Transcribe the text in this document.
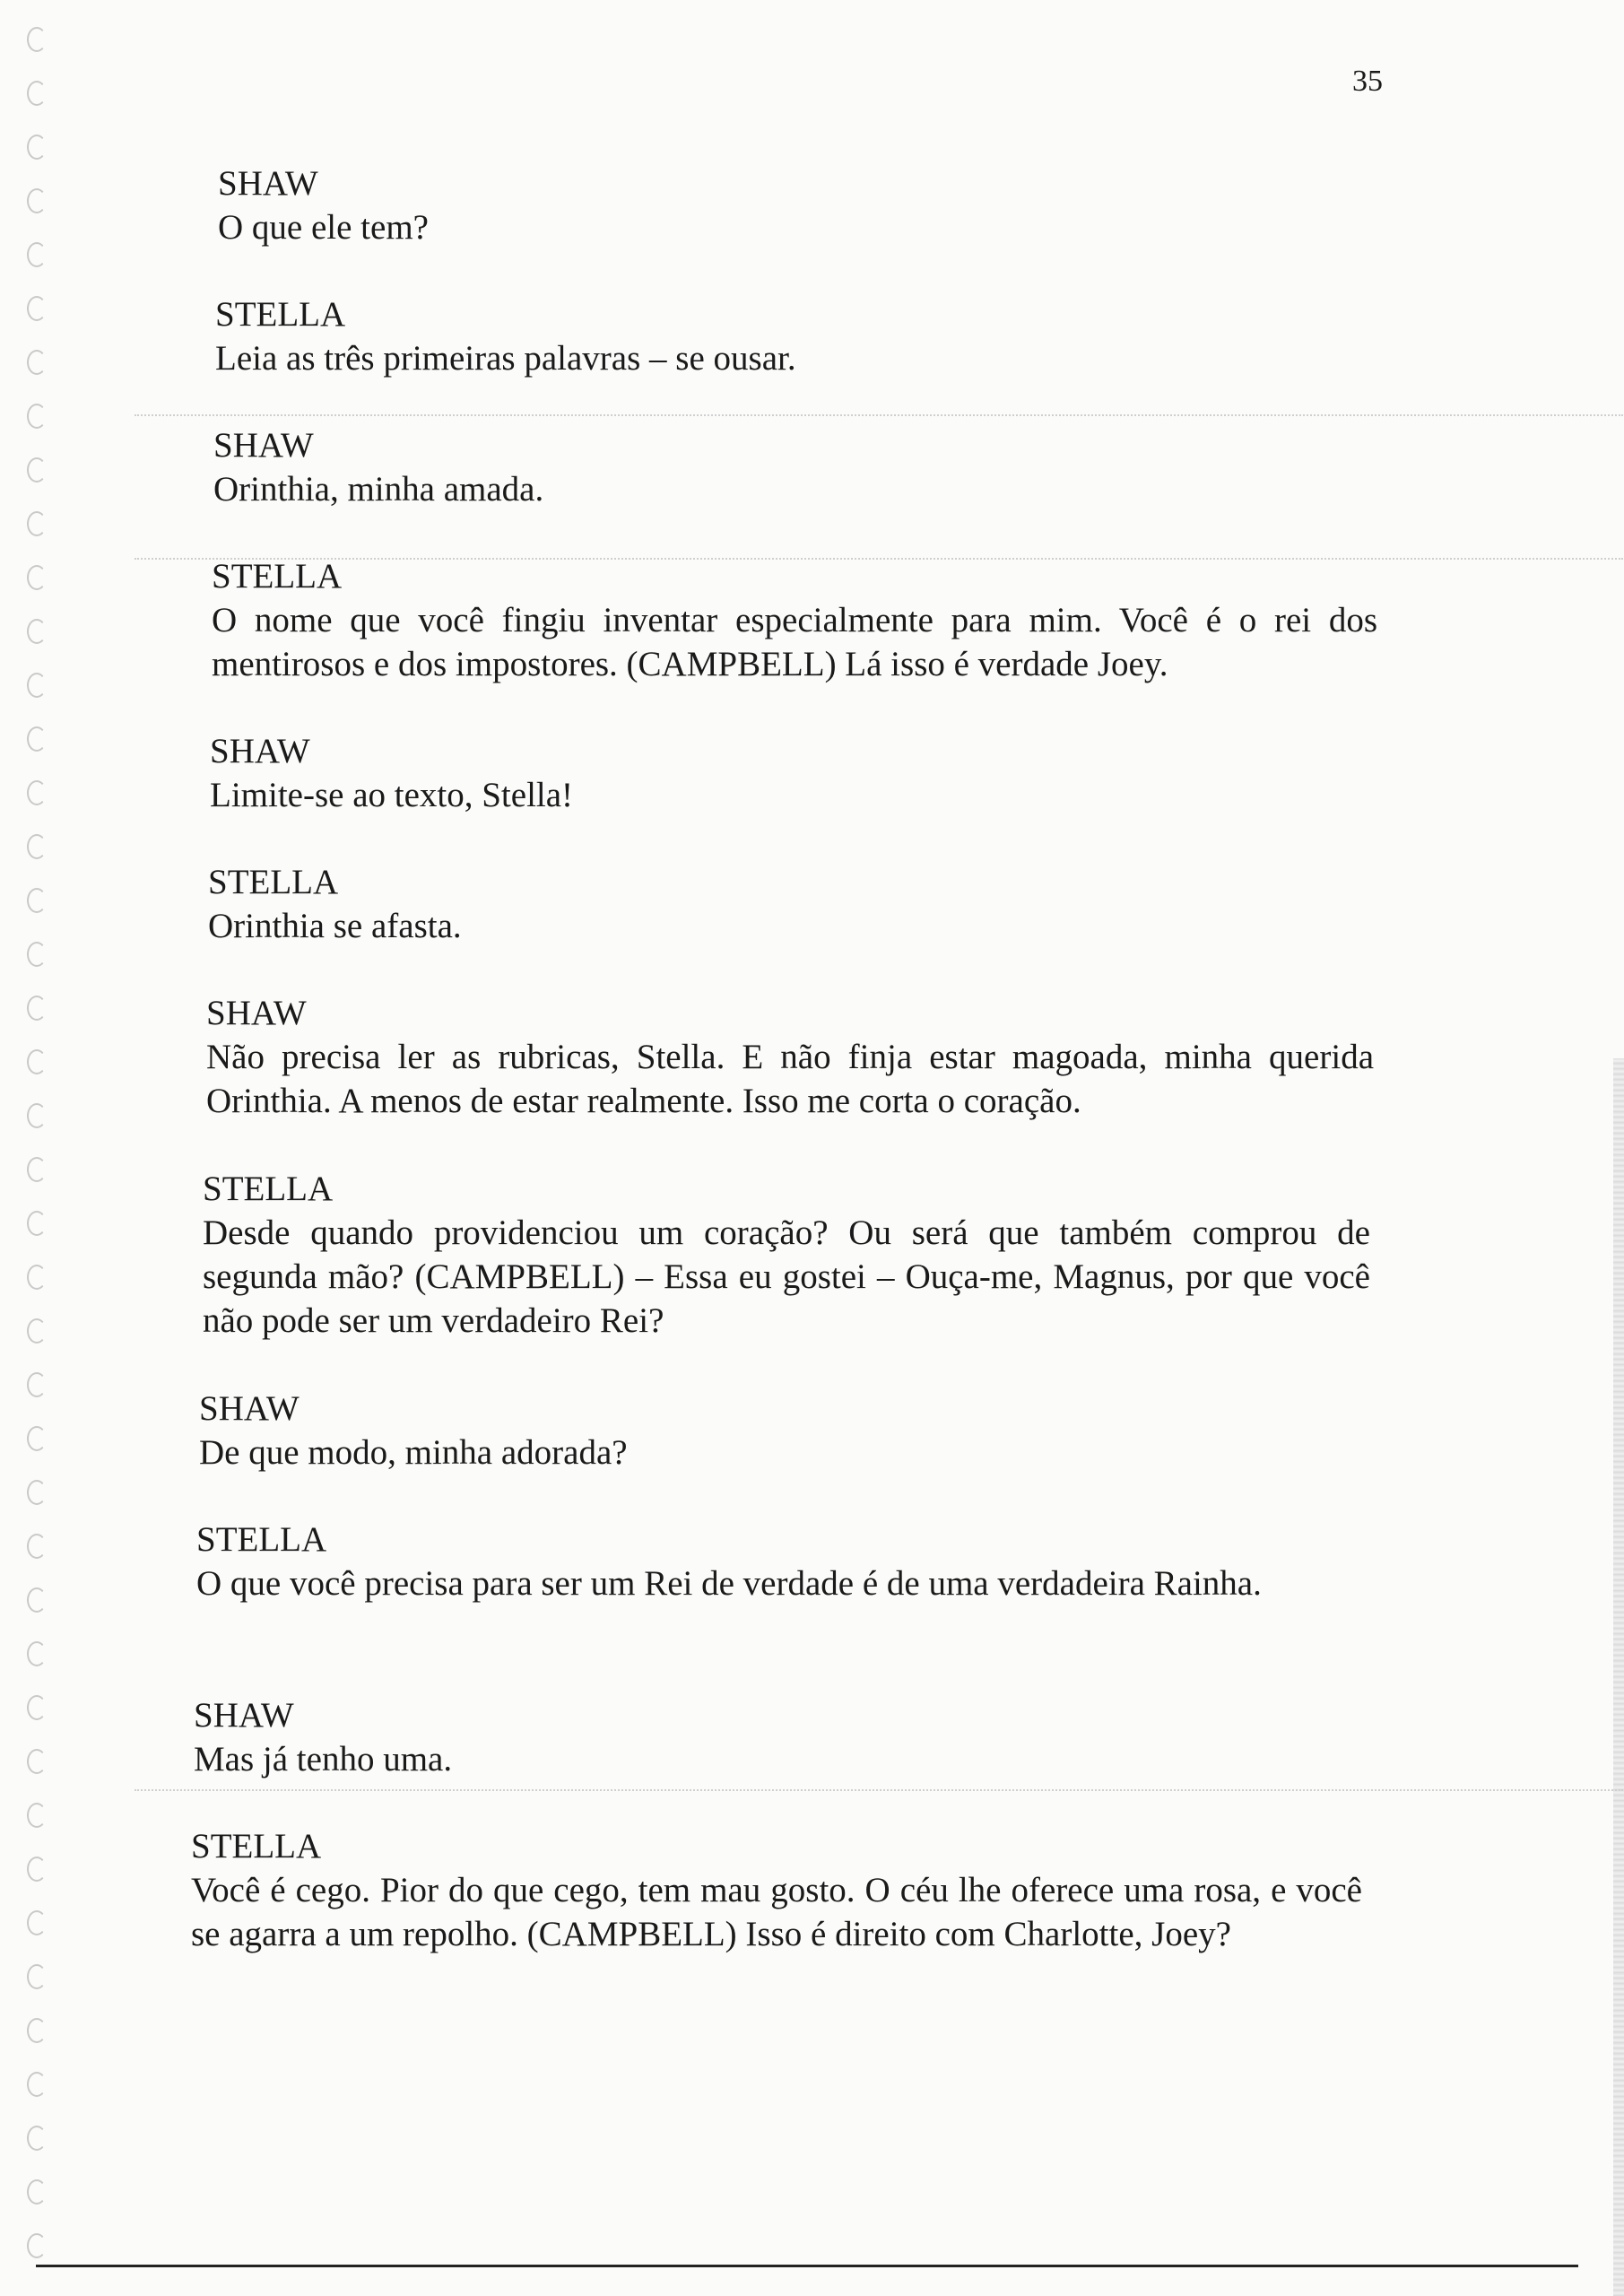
35

SHAW

O que ele tem?

STELLA

Leia as três primeiras palavras – se ousar.

SHAW

Orinthia, minha amada.

STELLA

O nome que você fingiu inventar especialmente para mim. Você é o rei dos mentirosos e dos impostores. (CAMPBELL) Lá isso é verdade Joey.

SHAW

Limite-se ao texto, Stella!

STELLA

Orinthia se afasta.

SHAW

Não precisa ler as rubricas, Stella. E não finja estar magoada, minha querida Orinthia. A menos de estar realmente. Isso me corta o coração.

STELLA

Desde quando providenciou um coração? Ou será que também comprou de segunda mão? (CAMPBELL) – Essa eu gostei – Ouça-me, Magnus, por que você não pode ser um verdadeiro Rei?

SHAW

De que modo, minha adorada?

STELLA

O que você precisa para ser um Rei de verdade é de uma verdadeira Rainha.

SHAW

Mas já tenho uma.

STELLA

Você é cego. Pior do que cego, tem mau gosto. O céu lhe oferece uma rosa, e você se agarra a um repolho. (CAMPBELL) Isso é direito com Charlotte, Joey?
